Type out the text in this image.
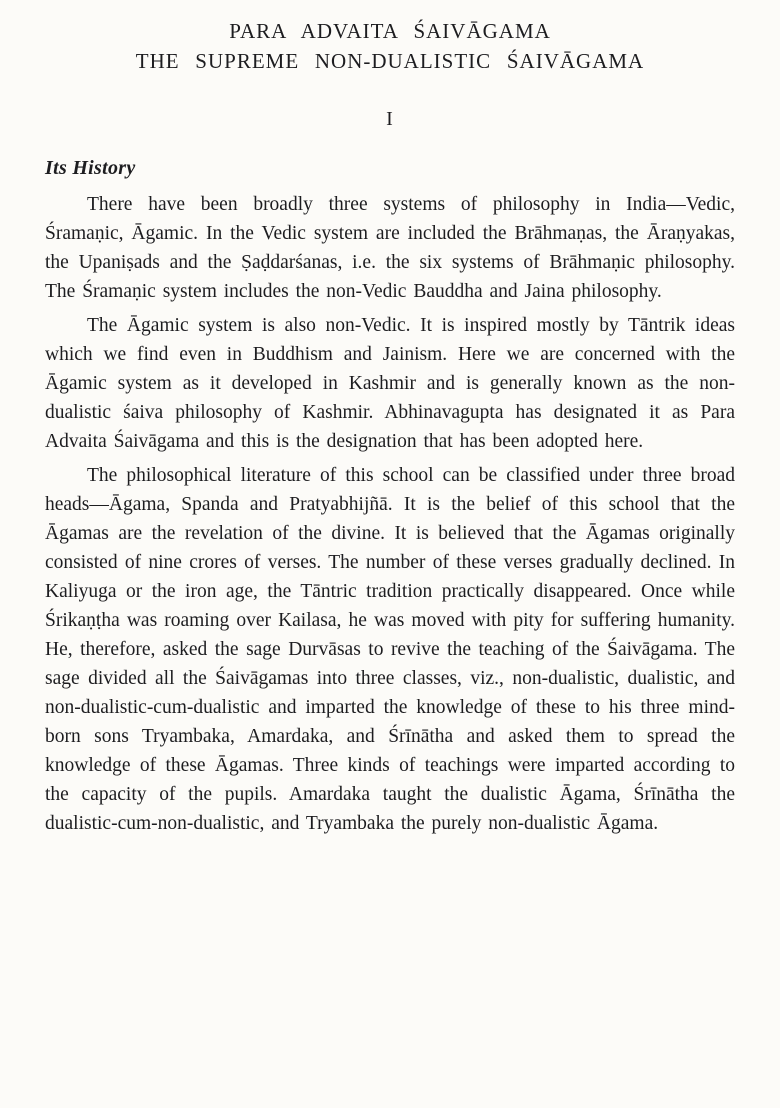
PARA ADVAITA ŚAIVĀGAMA
THE SUPREME NON-DUALISTIC ŚAIVĀGAMA
I
Its History

There have been broadly three systems of philosophy in India—Vedic, Śramaṇic, Āgamic. In the Vedic system are included the Brāhmaṇas, the Āraṇyakas, the Upaniṣads and the Ṣaḍdarśanas, i.e. the six systems of Brāhmaṇic philosophy. The Śramaṇic system includes the non-Vedic Bauddha and Jaina philosophy.

The Āgamic system is also non-Vedic. It is inspired mostly by Tāntrik ideas which we find even in Buddhism and Jainism. Here we are concerned with the Āgamic system as it developed in Kashmir and is generally known as the non-dualistic śaiva philosophy of Kashmir. Abhinavagupta has designated it as Para Advaita Śaivāgama and this is the designation that has been adopted here.

The philosophical literature of this school can be classified under three broad heads—Āgama, Spanda and Pratyabhijñā. It is the belief of this school that the Āgamas are the revelation of the divine. It is believed that the Āgamas originally consisted of nine crores of verses. The number of these verses gradually declined. In Kaliyuga or the iron age, the Tāntric tradition practically disappeared. Once while Śrikaṇṭha was roaming over Kailasa, he was moved with pity for suffering humanity. He, therefore, asked the sage Durvāsas to revive the teaching of the Śaivāgama. The sage divided all the Śaivāgamas into three classes, viz., non-dualistic, dualistic, and non-dualistic-cum-dualistic and imparted the knowledge of these to his three mind-born sons Tryambaka, Amardaka, and Śrīnātha and asked them to spread the knowledge of these Āgamas. Three kinds of teachings were imparted according to the capacity of the pupils. Amardaka taught the dualistic Āgama, Śrīnātha the dualistic-cum-non-dualistic, and Tryambaka the purely non-dualistic Āgama.
